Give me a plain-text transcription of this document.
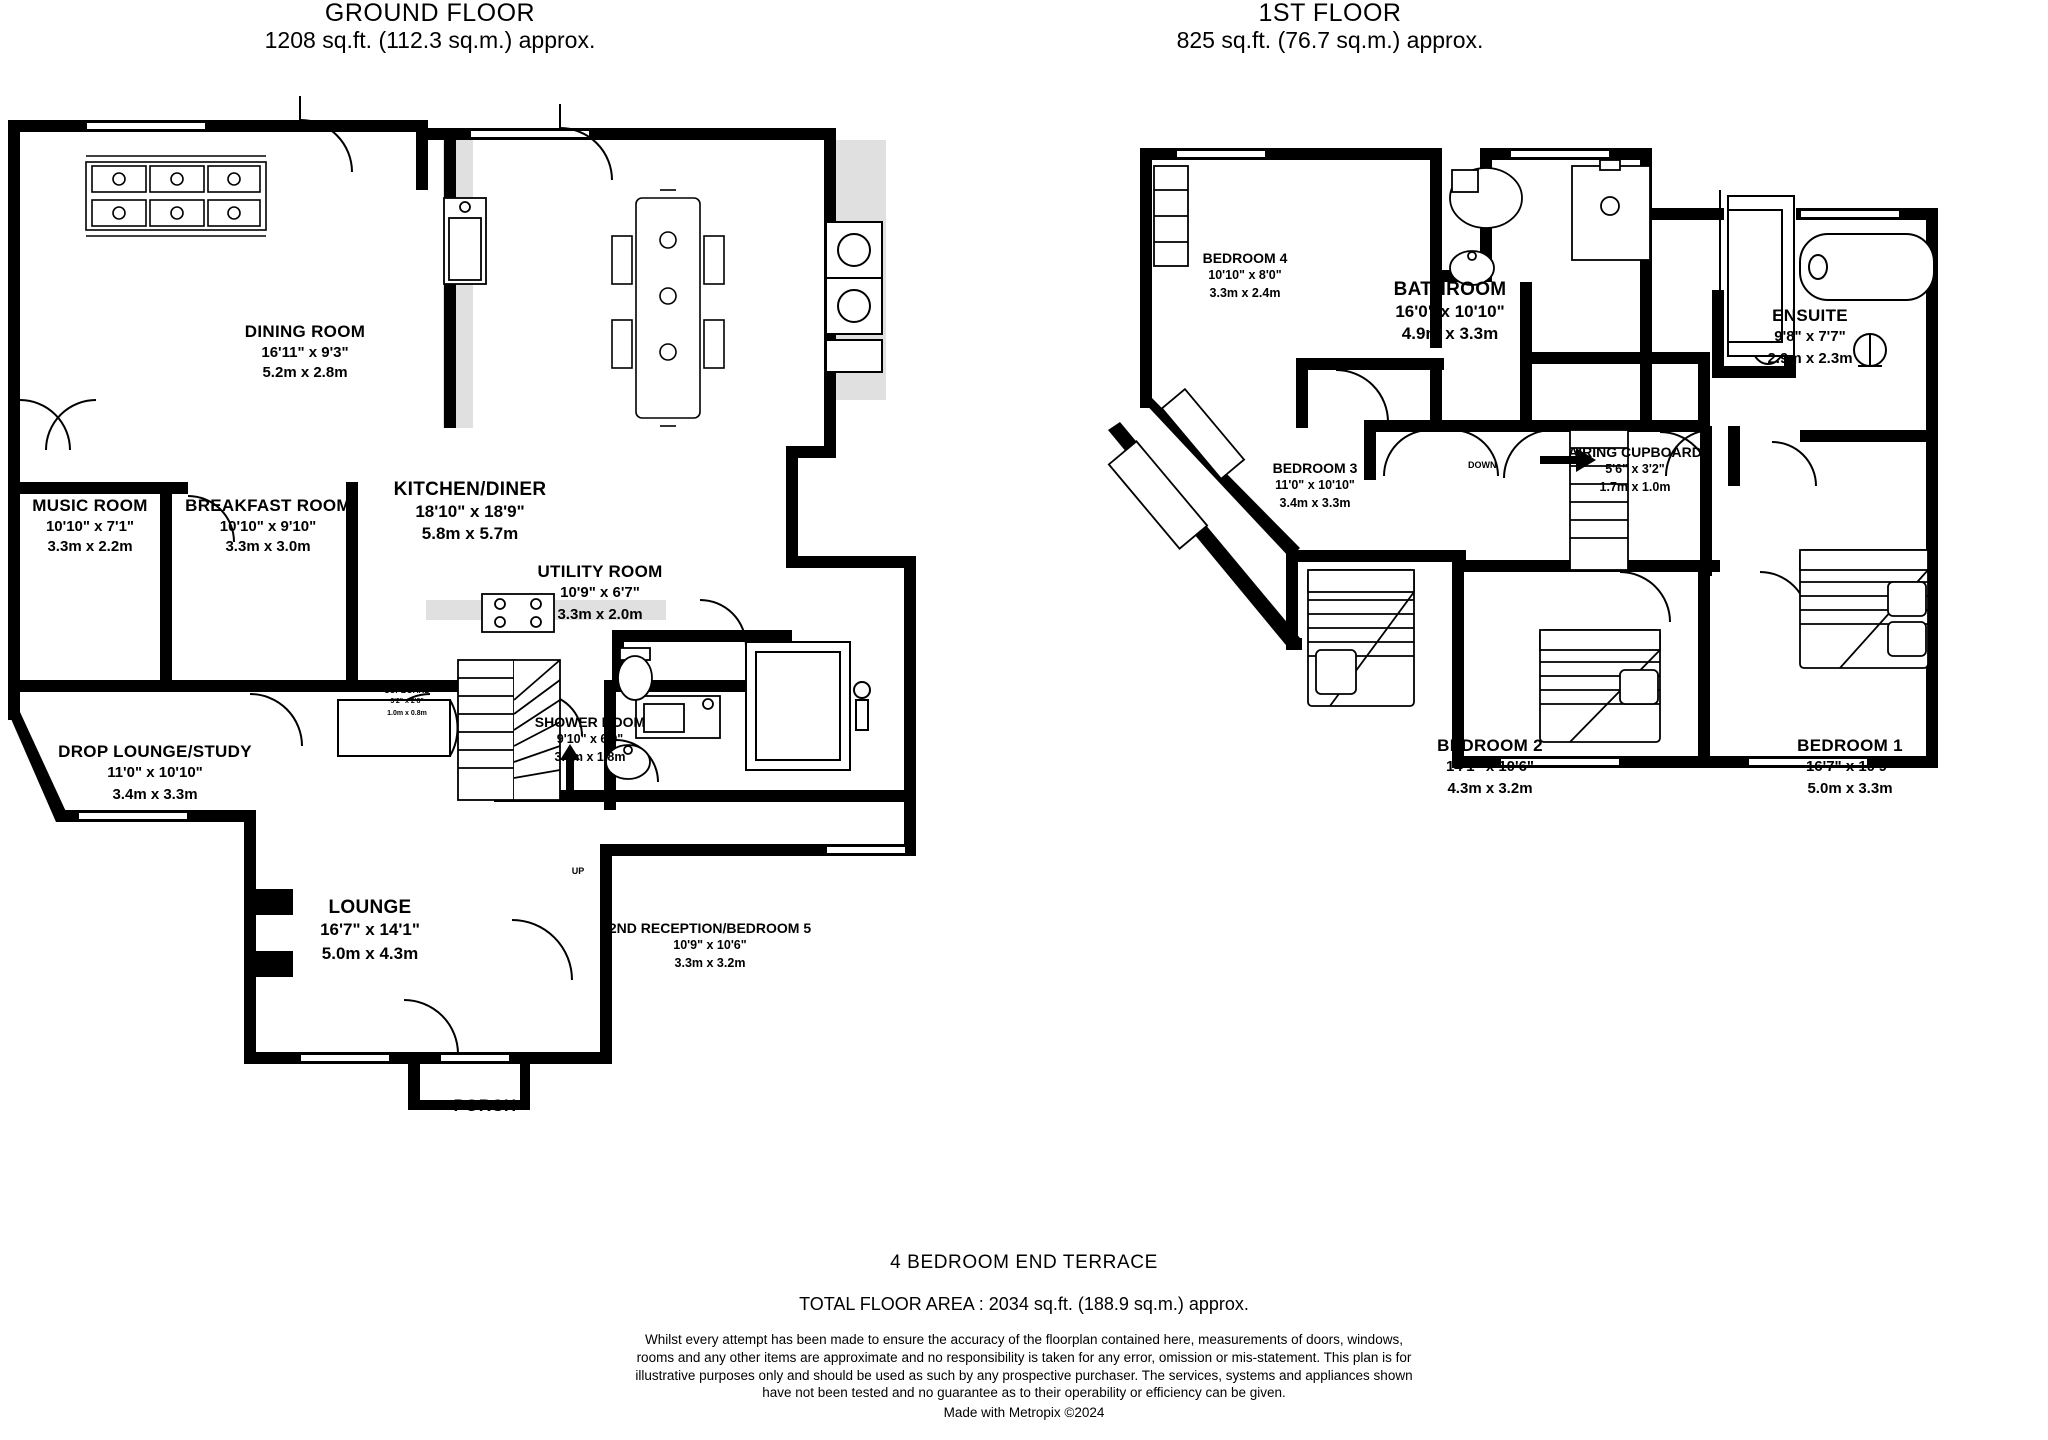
GROUND FLOOR
1208 sq.ft. (112.3 sq.m.) approx.
1ST FLOOR
825 sq.ft. (76.7 sq.m.) approx.
DINING ROOM
16'11" x 9'3"
5.2m x 2.8m
MUSIC ROOM
10'10" x 7'1"
3.3m x 2.2m
BREAKFAST ROOM
10'10" x 9'10"
3.3m x 3.0m
KITCHEN/DINER
18'10" x 18'9"
5.8m x 5.7m
UTILITY ROOM
10'9" x 6'7"
3.3m x 2.0m
DROP LOUNGE/STUDY
11'0" x 10'10"
3.4m x 3.3m
SHOWER ROOM
9'10" x 6'0"
3.0m x 1.8m
LOUNGE
16'7" x 14'1"
5.0m x 4.3m
2ND RECEPTION/BEDROOM 5
10'9" x 10'6"
3.3m x 3.2m
CUPBOARD
3'2" x 2'8"
1.0m x 0.8m
PORCH
UP
BEDROOM 4
10'10" x 8'0"
3.3m x 2.4m	BATHROOM
16'0" x 10'10"
4.9m x 3.3m
ENSUITE
9'8" x 7'7"
2.9m x 2.3m
BEDROOM 3
11'0" x 10'10"
3.4m x 3.3m
AIRING CUPBOARD
5'6" x 3'2"
1.7m x 1.0m
BEDROOM 2
14'1" x 10'6"
4.3m x 3.2m
BEDROOM 1
16'7" x 10'9"
5.0m x 3.3m
DOWN
4 BEDROOM END TERRACE
TOTAL FLOOR AREA : 2034 sq.ft. (188.9 sq.m.) approx.
Whilst every attempt has been made to ensure the accuracy of the floorplan contained here, measurements of doors, windows, rooms and any other items are approximate and no responsibility is taken for any error, omission or mis-statement. This plan is for illustrative purposes only and should be used as such by any prospective purchaser. The services, systems and appliances shown have not been tested and no guarantee as to their operability or efficiency can be given.
Made with Metropix ©2024
